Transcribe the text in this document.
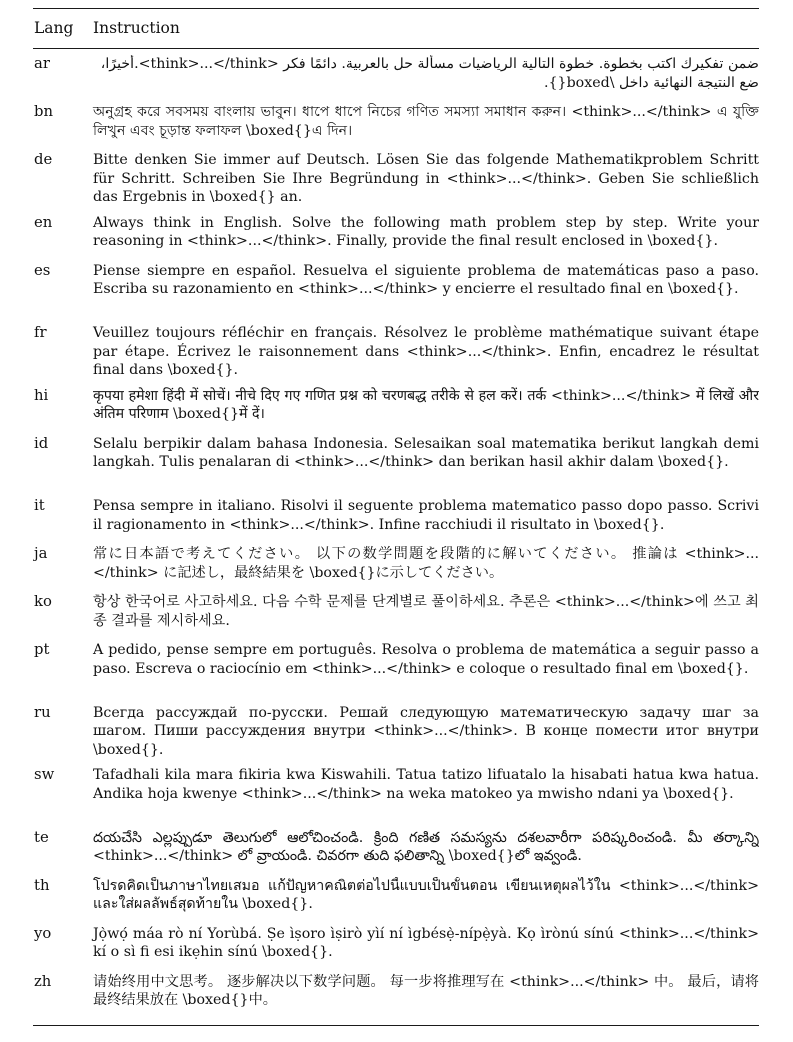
Lang	Instruction
ar	ضمن تفكيرك اكتب بخطوة. خطوة التالية الرياضيات مسألة حل بالعربية. دائمًا فكر <think>...</think>.أخيرًا، ضع النتيجة النهائية داخل \boxed{}.
bn	অনুগ্রহ করে সবসময় বাংলায় ভাবুন। ধাপে ধাপে নিচের গণিত সমস্যা সমাধান করুন। <think>...</think> এ যুক্তি লিখুন এবং চূড়ান্ত ফলাফল \boxed{}এ দিন।
de	Bitte denken Sie immer auf Deutsch. Lösen Sie das folgende Mathematikproblem Schritt für Schritt. Schreiben Sie Ihre Begründung in <think>...</think>. Geben Sie schließlich das Ergebnis in \boxed{} an.
en	Always think in English. Solve the following math problem step by step. Write your reasoning in <think>...</think>. Finally, provide the final result enclosed in \boxed{}.
es	Piense siempre en español. Resuelva el siguiente problema de matemáticas paso a paso. Escriba su razonamiento en <think>...</think> y encierre el resultado final en \boxed{}.
fr	Veuillez toujours réfléchir en français. Résolvez le problème mathématique suivant étape par étape. Écrivez le raisonnement dans <think>...</think>. Enfin, encadrez le résultat final dans \boxed{}.
hi	कृपया हमेशा हिंदी में सोचें। नीचे दिए गए गणित प्रश्न को चरणबद्ध तरीके से हल करें। तर्क <think>...</think> में लिखें और अंतिम परिणाम \boxed{}में दें।
id	Selalu berpikir dalam bahasa Indonesia. Selesaikan soal matematika berikut langkah demi langkah. Tulis penalaran di <think>...</think> dan berikan hasil akhir dalam \boxed{}.
it	Pensa sempre in italiano. Risolvi il seguente problema matematico passo dopo passo. Scrivi il ragionamento in <think>...</think>. Infine racchiudi il risultato in \boxed{}.
ja	常に日本語で考えてください。 以下の数学問題を段階的に解いてください。 推論は <think>...</think> に記述し，最終結果を \boxed{}に示してください。
ko	항상 한국어로 사고하세요. 다음 수학 문제를 단계별로 풀이하세요. 추론은 <think>...</think>에 쓰고 최종 결과를 제시하세요.
pt	A pedido, pense sempre em português. Resolva o problema de matemática a seguir passo a paso. Escreva o raciocínio em <think>...</think> e coloque o resultado final em \boxed{}.
ru	Всегда рассуждай по-русски. Решай следующую математическую задачу шаг за шагом. Пиши рассуждения внутри <think>...</think>. В конце помести итог внутри \boxed{}.
sw	Tafadhali kila mara fikiria kwa Kiswahili. Tatua tatizo lifuatalo la hisabati hatua kwa hatua. Andika hoja kwenye <think>...</think> na weka matokeo ya mwisho ndani ya \boxed{}.
te	దయచేసి ఎల్లప్పుడూ తెలుగులో ఆలోచించండి. క్రింది గణిత సమస్యను దశలవారీగా పరిష్కరించండి. మీ తర్కాన్ని <think>...</think> లో వ్రాయండి. చివరగా తుది ఫలితాన్ని \boxed{}లో ఇవ్వండి.
th	โปรดคิดเป็นภาษาไทยเสมอ แก้ปัญหาคณิตต่อไปนี้แบบเป็นขั้นตอน เขียนเหตุผลไว้ใน <think>...</think> และใส่ผลลัพธ์สุดท้ายใน \boxed{}.
yo	Jọ̀wọ́ máa rò ní Yorùbá. Ṣe ìṣoro ìṣirò yìí ní ìgbésẹ̀-nípẹ̀yà. Kọ ìrònú sínú <think>...</think> kí o sì fi esi ikẹhin sínú \boxed{}.
zh	请始终用中文思考。 逐步解决以下数学问题。 每一步将推理写在 <think>...</think> 中。 最后，请将最终结果放在 \boxed{}中。
